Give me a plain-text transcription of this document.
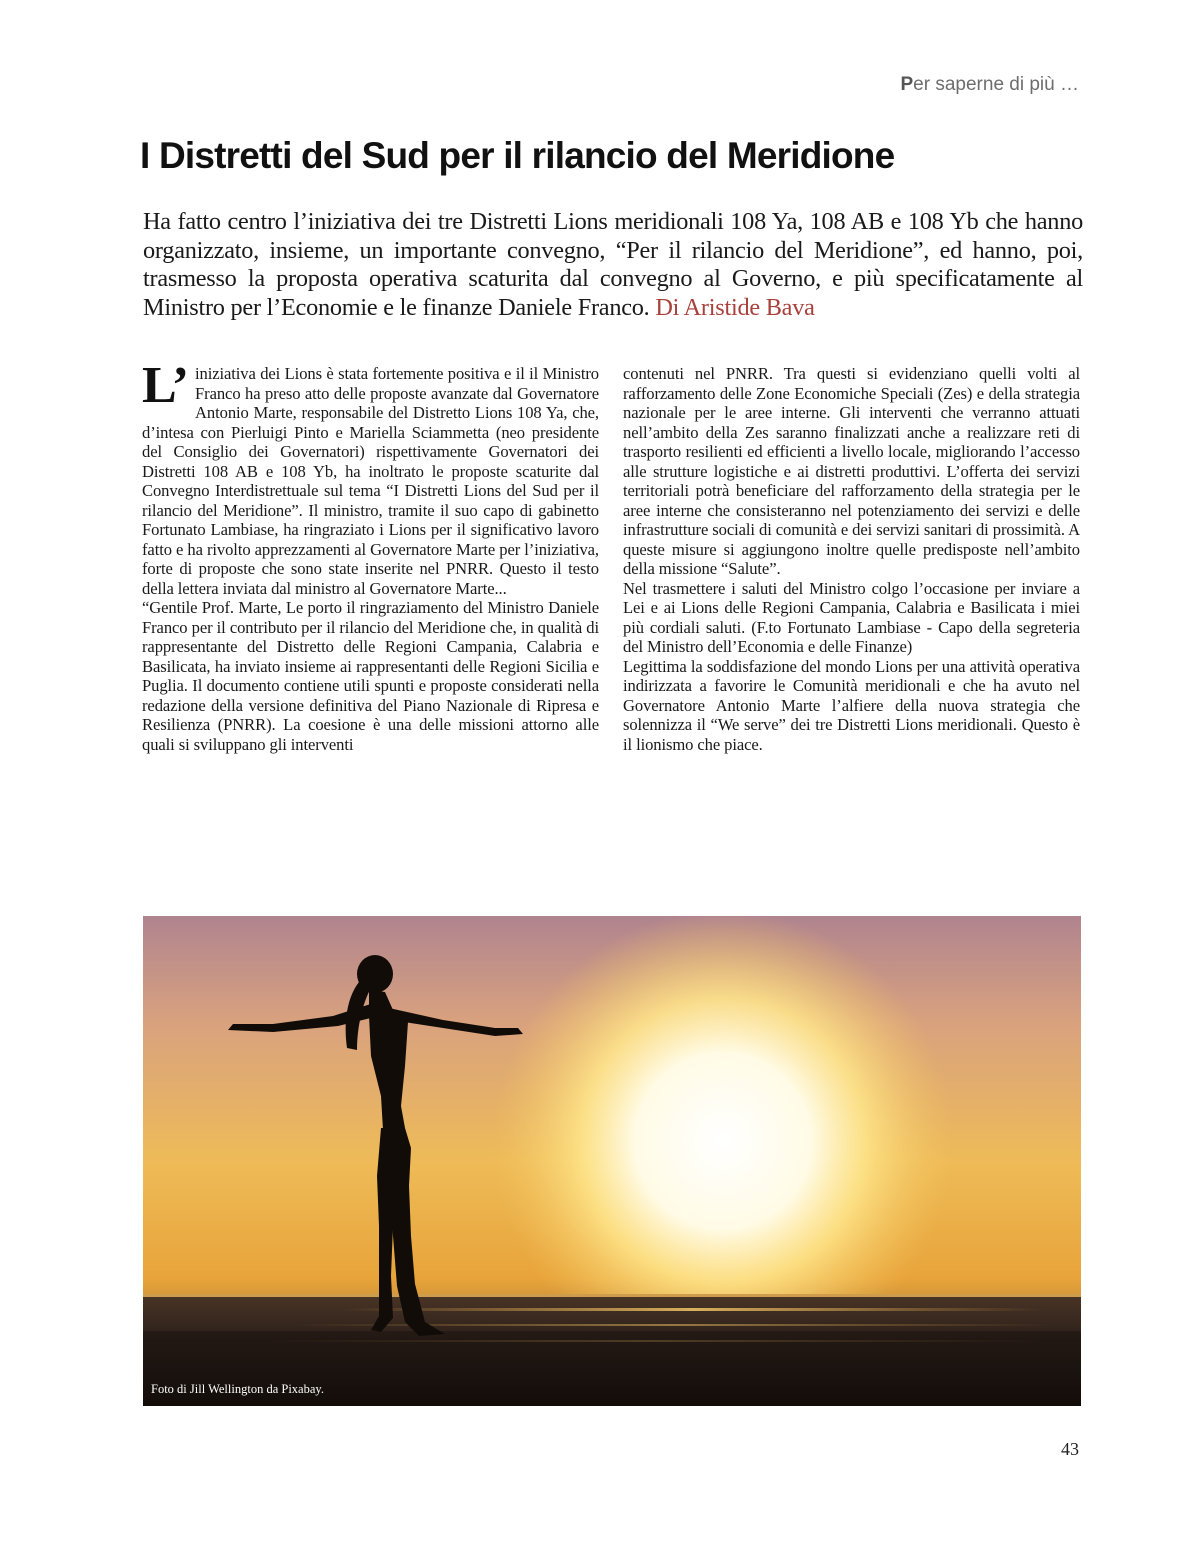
Per saperne di più …
I Distretti del Sud per il rilancio del Meridione

Ha fatto centro l’iniziativa dei tre Distretti Lions meridionali 108 Ya, 108 AB e 108 Yb che hanno organizzato, insieme, un importante convegno, “Per il rilancio del Meridione”, ed hanno, poi, trasmesso la proposta operativa scaturita dal convegno al Governo, e più specificatamente al Ministro per l’Economie e le finanze Daniele Franco. Di Aristide Bava

L’ iniziativa dei Lions è stata fortemente positiva e il il Ministro Franco ha preso atto delle proposte avanzate dal Governatore Antonio Marte, responsabile del Distretto Lions 108 Ya, che, d’intesa con Pierluigi Pinto e Mariella Sciammetta (neo presidente del Consiglio dei Governatori) rispettivamente Governatori dei Distretti 108 AB e 108 Yb, ha inoltrato le proposte scaturite dal Convegno Interdistrettuale sul tema “I Distretti Lions del Sud per il rilancio del Meridione”. Il ministro, tramite il suo capo di gabinetto Fortunato Lambiase, ha ringraziato i Lions per il significativo lavoro fatto e ha rivolto apprezzamenti al Governatore Marte per l’iniziativa, forte di proposte che sono state inserite nel PNRR. Questo il testo della lettera inviata dal ministro al Governatore Marte...

“Gentile Prof. Marte, Le porto il ringraziamento del Ministro Daniele Franco per il contributo per il rilancio del Meridione che, in qualità di rappresentante del Distretto delle Regioni Campania, Calabria e Basilicata, ha inviato insieme ai rappresentanti delle Regioni Sicilia e Puglia. Il documento contiene utili spunti e proposte considerati nella redazione della versione definitiva del Piano Nazionale di Ripresa e Resilienza (PNRR). La coesione è una delle missioni attorno alle quali si sviluppano gli interventi

contenuti nel PNRR. Tra questi si evidenziano quelli volti al rafforzamento delle Zone Economiche Speciali (Zes) e della strategia nazionale per le aree interne. Gli interventi che verranno attuati nell’ambito della Zes saranno finalizzati anche a realizzare reti di trasporto resilienti ed efficienti a livello locale, migliorando l’accesso alle strutture logistiche e ai distretti produttivi. L’offerta dei servizi territoriali potrà beneficiare del rafforzamento della strategia per le aree interne che consisteranno nel potenziamento dei servizi e delle infrastrutture sociali di comunità e dei servizi sanitari di prossimità. A queste misure si aggiungono inoltre quelle predisposte nell’ambito della missione “Salute”.

Nel trasmettere i saluti del Ministro colgo l’occasione per inviare a Lei e ai Lions delle Regioni Campania, Calabria e Basilicata i miei più cordiali saluti. (F.to Fortunato Lambiase - Capo della segreteria del Ministro dell’Economia e delle Finanze)

Legittima la soddisfazione del mondo Lions per una attività operativa indirizzata a favorire le Comunità meridionali e che ha avuto nel Governatore Antonio Marte l’alfiere della nuova strategia che solennizza il “We serve” dei tre Distretti Lions meridionali. Questo è il lionismo che piace.

Foto di Jill Wellington da Pixabay.
43
